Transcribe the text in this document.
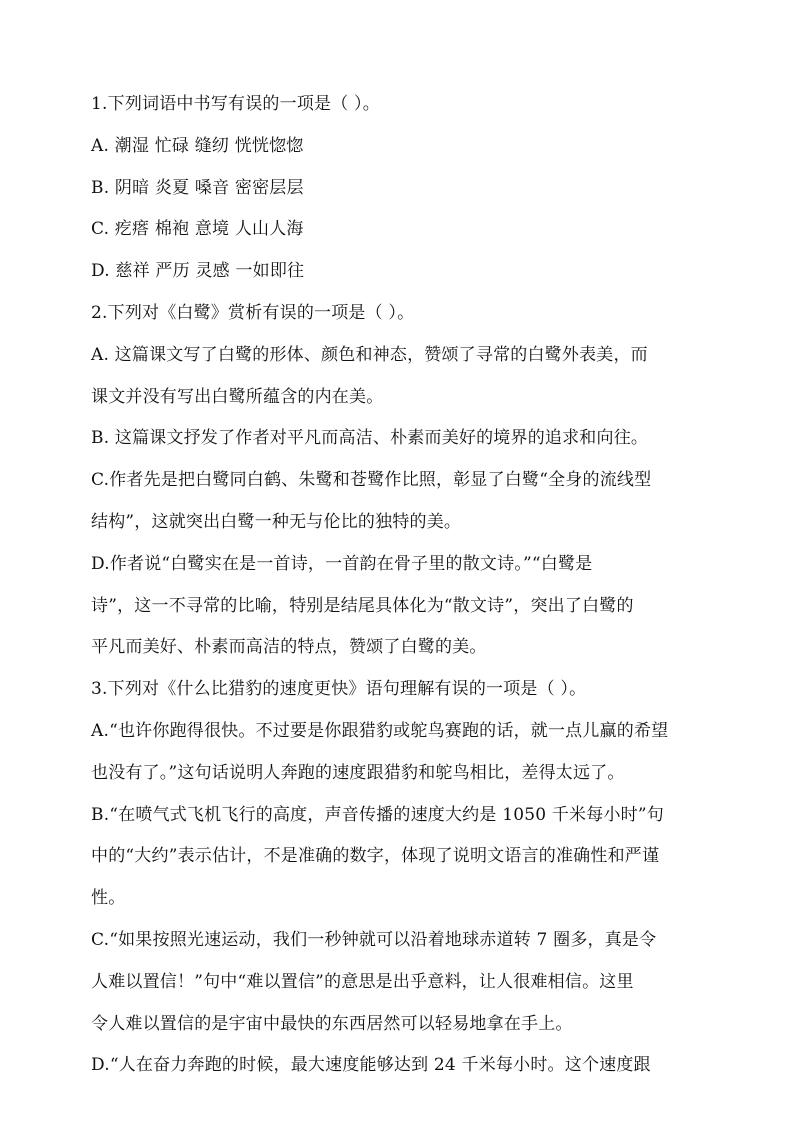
1.下列词语中书写有误的一项是（ ）。
A. 潮湿 忙碌 缝纫 恍恍惚惚
B. 阴暗 炎夏 嗓音 密密层层
C. 疙瘩 棉袍 意境 人山人海
D. 慈祥 严历 灵感 一如即往
2.下列对《白鹭》赏析有误的一项是（ ）。
A. 这篇课文写了白鹭的形体、颜色和神态，赞颂了寻常的白鹭外表美，而
课文并没有写出白鹭所蕴含的内在美。
B. 这篇课文抒发了作者对平凡而高洁、朴素而美好的境界的追求和向往。
C.作者先是把白鹭同白鹤、朱鹭和苍鹭作比照，彰显了白鹭“全身的流线型
结构”，这就突出白鹭一种无与伦比的独特的美。
D.作者说“白鹭实在是一首诗，一首韵在骨子里的散文诗。”“白鹭是
诗”，这一不寻常的比喻，特别是结尾具体化为“散文诗”，突出了白鹭的
平凡而美好、朴素而高洁的特点，赞颂了白鹭的美。
3.下列对《什么比猎豹的速度更快》语句理解有误的一项是（ ）。
A.“也许你跑得很快。不过要是你跟猎豹或鸵鸟赛跑的话，就一点儿赢的希望
也没有了。”这句话说明人奔跑的速度跟猎豹和鸵鸟相比，差得太远了。
B.“在喷气式飞机飞行的高度，声音传播的速度大约是 1050 千米每小时”句
中的“大约”表示估计，不是准确的数字，体现了说明文语言的准确性和严谨
性。
C.“如果按照光速运动，我们一秒钟就可以沿着地球赤道转 7 圈多，真是令
人难以置信！”句中“难以置信”的意思是出乎意料，让人很难相信。这里
令人难以置信的是宇宙中最快的东西居然可以轻易地拿在手上。
D.“人在奋力奔跑的时候，最大速度能够达到 24 千米每小时。这个速度跟
